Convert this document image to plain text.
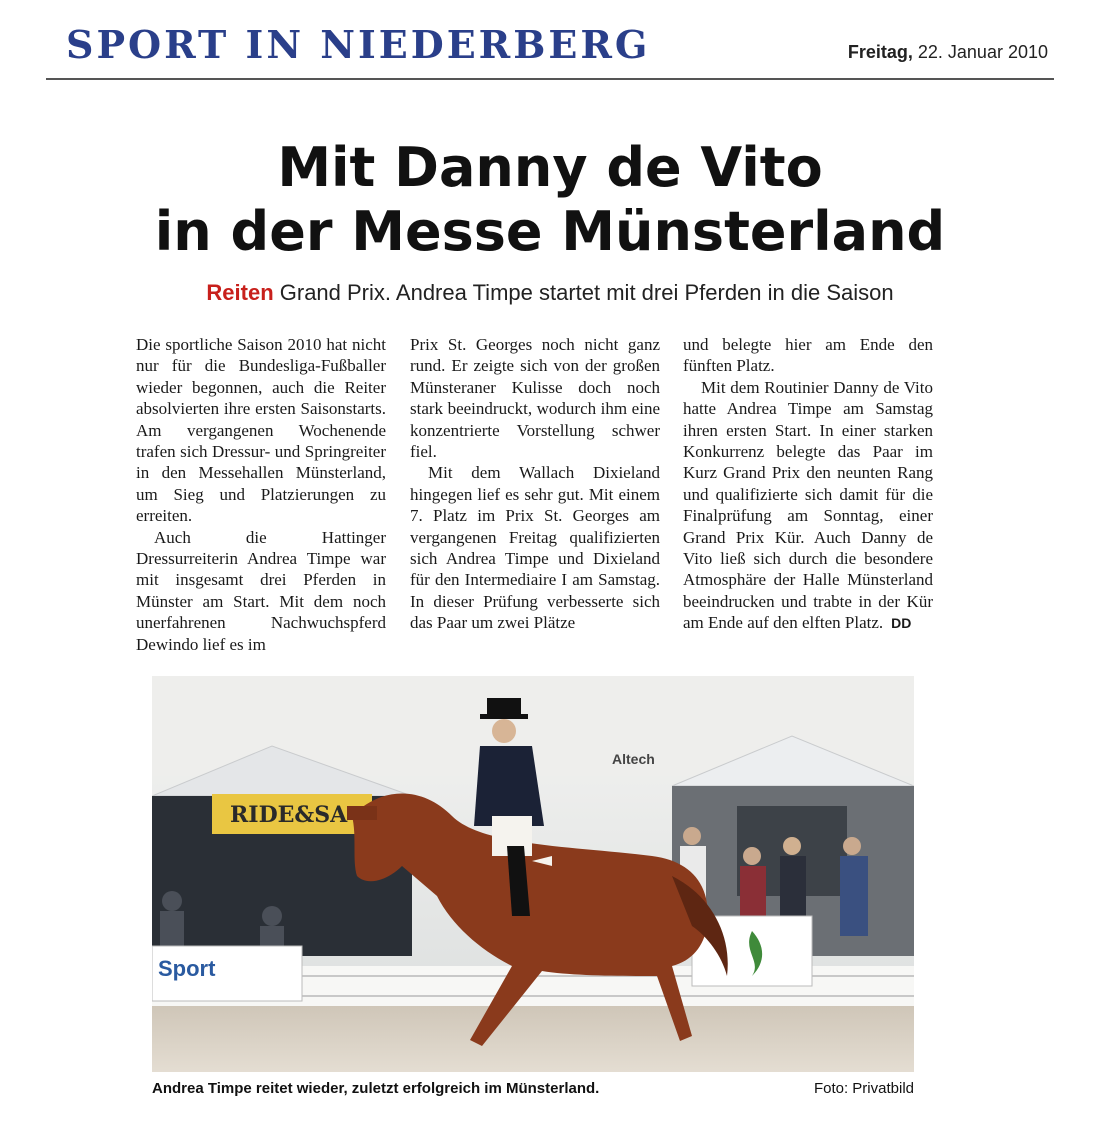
SPORT IN NIEDERBERG	Freitag, 22. Januar 2010
Mit Danny de Vito
in der Messe Münsterland
Reiten Grand Prix. Andrea Timpe startet mit drei Pferden in die Saison

Die sportliche Saison 2010 hat nicht nur für die Bundesliga-Fußballer wieder begonnen, auch die Reiter absolvierten ihre ersten Saisonstarts. Am vergangenen Wochenende trafen sich Dressur- und Springreiter in den Messehallen Münsterland, um Sieg und Platzierungen zu erreiten.

Auch die Hattinger Dressurreiterin Andrea Timpe war mit insgesamt drei Pferden in Münster am Start. Mit dem noch unerfahrenen Nachwuchspferd Dewindo lief es im

Prix St. Georges noch nicht ganz rund. Er zeigte sich von der großen Münsteraner Kulisse doch noch stark beeindruckt, wodurch ihm eine konzentrierte Vorstellung schwer fiel.

Mit dem Wallach Dixieland hingegen lief es sehr gut. Mit einem 7. Platz im Prix St. Georges am vergangenen Freitag qualifizierten sich Andrea Timpe und Dixieland für den Intermediaire I am Samstag. In dieser Prüfung verbesserte sich das Paar um zwei Plätze

und belegte hier am Ende den fünften Platz.

Mit dem Routinier Danny de Vito hatte Andrea Timpe am Samstag ihren ersten Start. In einer starken Konkurrenz belegte das Paar im Kurz Grand Prix den neunten Rang und qualifizierte sich damit für die Finalprüfung am Sonntag, einer Grand Prix Kür. Auch Danny de Vito ließ sich durch die besondere Atmosphäre der Halle Münsterland beeindrucken und trabte in der Kür am Ende auf den elften Platz. DD

RIDE&SA
Sport
Altech
Andrea Timpe reitet wieder, zuletzt erfolgreich im Münsterland.	Foto: Privatbild
